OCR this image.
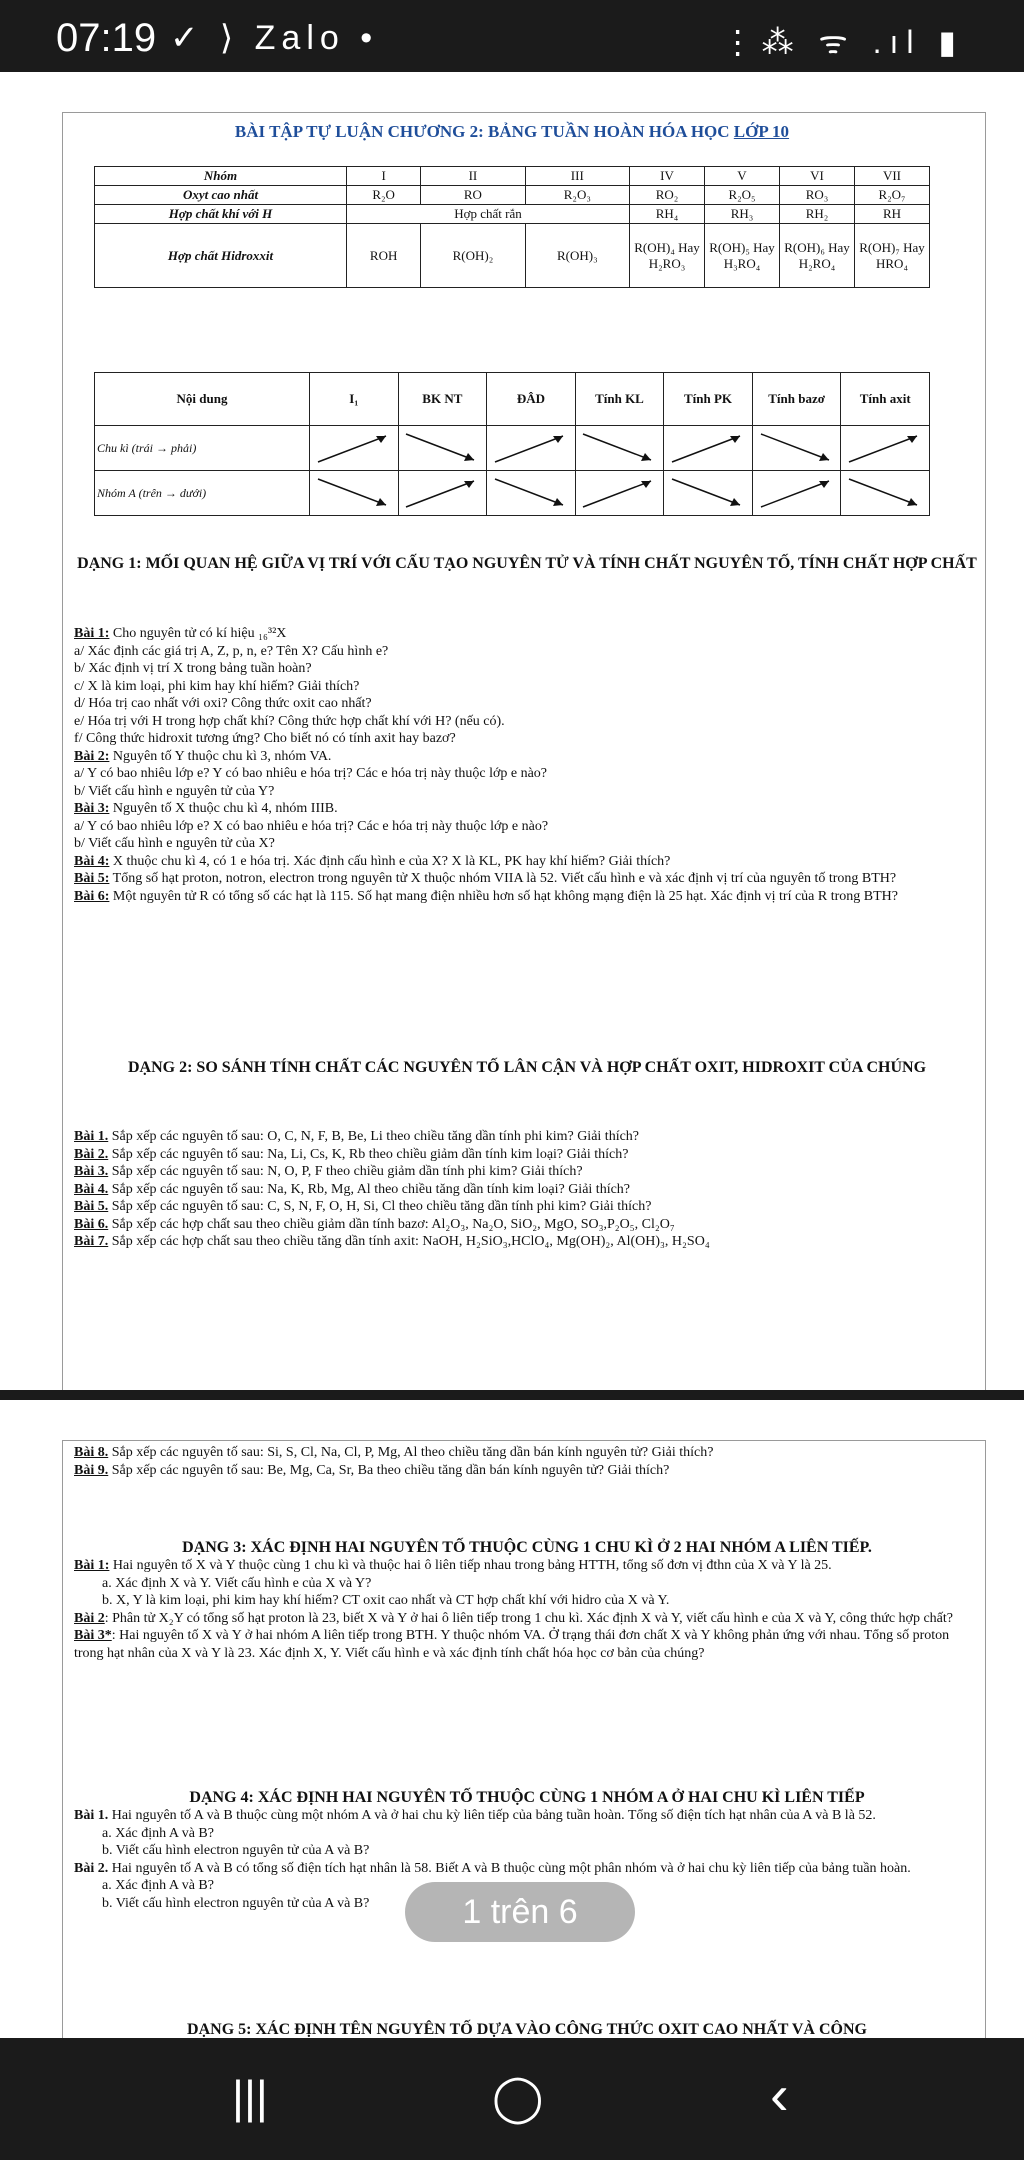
07:19 ✓ ⟩ Zalo •	⋮⁂ ᯤ .ıl ▮
BÀI TẬP TỰ LUẬN CHƯƠNG 2: BẢNG TUẦN HOÀN HÓA HỌC LỚP 10
Nhóm	I	II	III	IV	V	VI	VII
Oxyt cao nhất	R₂O	RO	R₂O₃	RO₂	R₂O₅	RO₃	R₂O₇
Hợp chất khí với H	Hợp chất rắn			RH₄	RH₃	RH₂	RH
Hợp chất Hidroxxit	ROH	R(OH)₂	R(OH)₃	R(OH)₄ Hay H₂RO₃	R(OH)₅ Hay H₃RO₄	R(OH)₆ Hay H₂RO₄	R(OH)₇ Hay HRO₄
Nội dung	I₁	BK NT	ĐÂD	Tính KL	Tính PK	Tính bazơ	Tính axit
Chu kì (trái → phải)	

Nhóm A (trên → dưới)	

DẠNG 1: MỐI QUAN HỆ GIỮA VỊ TRÍ VỚI CẤU TẠO NGUYÊN TỬ VÀ TÍNH CHẤT NGUYÊN TỐ, TÍNH CHẤT HỢP CHẤT

Bài 1: Cho nguyên tử có kí hiệu ₁₆³²X

a/ Xác định các giá trị A, Z, p, n, e? Tên X? Cấu hình e?

b/ Xác định vị trí X trong bảng tuần hoàn?

c/ X là kim loại, phi kim hay khí hiếm? Giải thích?

d/ Hóa trị cao nhất với oxi? Công thức oxit cao nhất?

e/ Hóa trị với H trong hợp chất khí? Công thức hợp chất khí với H? (nếu có).

f/ Công thức hidroxit tương ứng? Cho biết nó có tính axit hay bazơ?

Bài 2: Nguyên tố Y thuộc chu kì 3, nhóm VA.

a/ Y có bao nhiêu lớp e? Y có bao nhiêu e hóa trị? Các e hóa trị này thuộc lớp e nào?

b/ Viết cấu hình e nguyên tử của Y?

Bài 3: Nguyên tố X thuộc chu kì 4, nhóm IIIB.

a/ Y có bao nhiêu lớp e? X có bao nhiêu e hóa trị? Các e hóa trị này thuộc lớp e nào?

b/ Viết cấu hình e nguyên tử của X?

Bài 4: X thuộc chu kì 4, có 1 e hóa trị. Xác định cấu hình e của X? X là KL, PK hay khí hiếm? Giải thích?

Bài 5: Tổng số hạt proton, notron, electron trong nguyên tử X thuộc nhóm VIIA là 52. Viết cấu hình e và xác định vị trí của nguyên tố trong BTH?

Bài 6: Một nguyên tử R có tổng số các hạt là 115. Số hạt mang điện nhiều hơn số hạt không mạng điện là 25 hạt. Xác định vị trí của R trong BTH?

DẠNG 2: SO SÁNH TÍNH CHẤT CÁC NGUYÊN TỐ LÂN CẬN VÀ HỢP CHẤT OXIT, HIDROXIT CỦA CHÚNG

Bài 1. Sắp xếp các nguyên tố sau: O, C, N, F, B, Be, Li theo chiều tăng dần tính phi kim? Giải thích?

Bài 2. Sắp xếp các nguyên tố sau: Na, Li, Cs, K, Rb theo chiều giảm dần tính kim loại? Giải thích?

Bài 3. Sắp xếp các nguyên tố sau: N, O, P, F theo chiều giảm dần tính phi kim? Giải thích?

Bài 4. Sắp xếp các nguyên tố sau: Na, K, Rb, Mg, Al theo chiều tăng dần tính kim loại? Giải thích?

Bài 5. Sắp xếp các nguyên tố sau: C, S, N, F, O, H, Si, Cl theo chiều tăng dần tính phi kim? Giải thích?

Bài 6. Sắp xếp các hợp chất sau theo chiều giảm dần tính bazơ: Al₂O₃, Na₂O, SiO₂, MgO, SO₃,P₂O₅, Cl₂O₇

Bài 7. Sắp xếp các hợp chất sau theo chiều tăng dần tính axit: NaOH, H₂SiO₃,HClO₄, Mg(OH)₂, Al(OH)₃, H₂SO₄

Bài 8. Sắp xếp các nguyên tố sau: Si, S, Cl, Na, Cl, P, Mg, Al theo chiều tăng dần bán kính nguyên tử? Giải thích?

Bài 9. Sắp xếp các nguyên tố sau: Be, Mg, Ca, Sr, Ba theo chiều tăng dần bán kính nguyên tử? Giải thích?

DẠNG 3: XÁC ĐỊNH HAI NGUYÊN TỐ THUỘC CÙNG 1 CHU KÌ Ở 2 HAI NHÓM A LIÊN TIẾP.

Bài 1: Hai nguyên tố X và Y thuộc cùng 1 chu kì và thuộc hai ô liên tiếp nhau trong bảng HTTH, tổng số đơn vị đthn của X và Y là 25.

a. Xác định X và Y. Viết cấu hình e của X và Y?

b. X, Y là kim loại, phi kim hay khí hiếm? CT oxit cao nhất và CT hợp chất khí với hidro của X và Y.

Bài 2: Phân tử X₂Y có tổng số hạt proton là 23, biết X và Y ở hai ô liên tiếp trong 1 chu kì. Xác định X và Y, viết cấu hình e của X và Y, công thức hợp chất?

Bài 3*: Hai nguyên tố X và Y ở hai nhóm A liên tiếp trong BTH. Y thuộc nhóm VA. Ở trạng thái đơn chất X và Y không phản ứng với nhau. Tổng số proton trong hạt nhân của X và Y là 23. Xác định X, Y. Viết cấu hình e và xác định tính chất hóa học cơ bản của chúng?

DẠNG 4: XÁC ĐỊNH HAI NGUYÊN TỐ THUỘC CÙNG 1 NHÓM A Ở HAI CHU KÌ LIÊN TIẾP

Bài 1. Hai nguyên tố A và B thuộc cùng một nhóm A và ở hai chu kỳ liên tiếp của bảng tuần hoàn. Tổng số điện tích hạt nhân của A và B là 52.

a. Xác định A và B?

b. Viết cấu hình electron nguyên tử của A và B?

Bài 2. Hai nguyên tố A và B có tổng số điện tích hạt nhân là 58. Biết A và B thuộc cùng một phân nhóm và ở hai chu kỳ liên tiếp của bảng tuần hoàn.

a. Xác định A và B?

b. Viết cấu hình electron nguyên tử của A và B?

DẠNG 5: XÁC ĐỊNH TÊN NGUYÊN TỐ DỰA VÀO CÔNG THỨC OXIT CAO NHẤT VÀ CÔNG
1 trên 6
|||	◯	‹
